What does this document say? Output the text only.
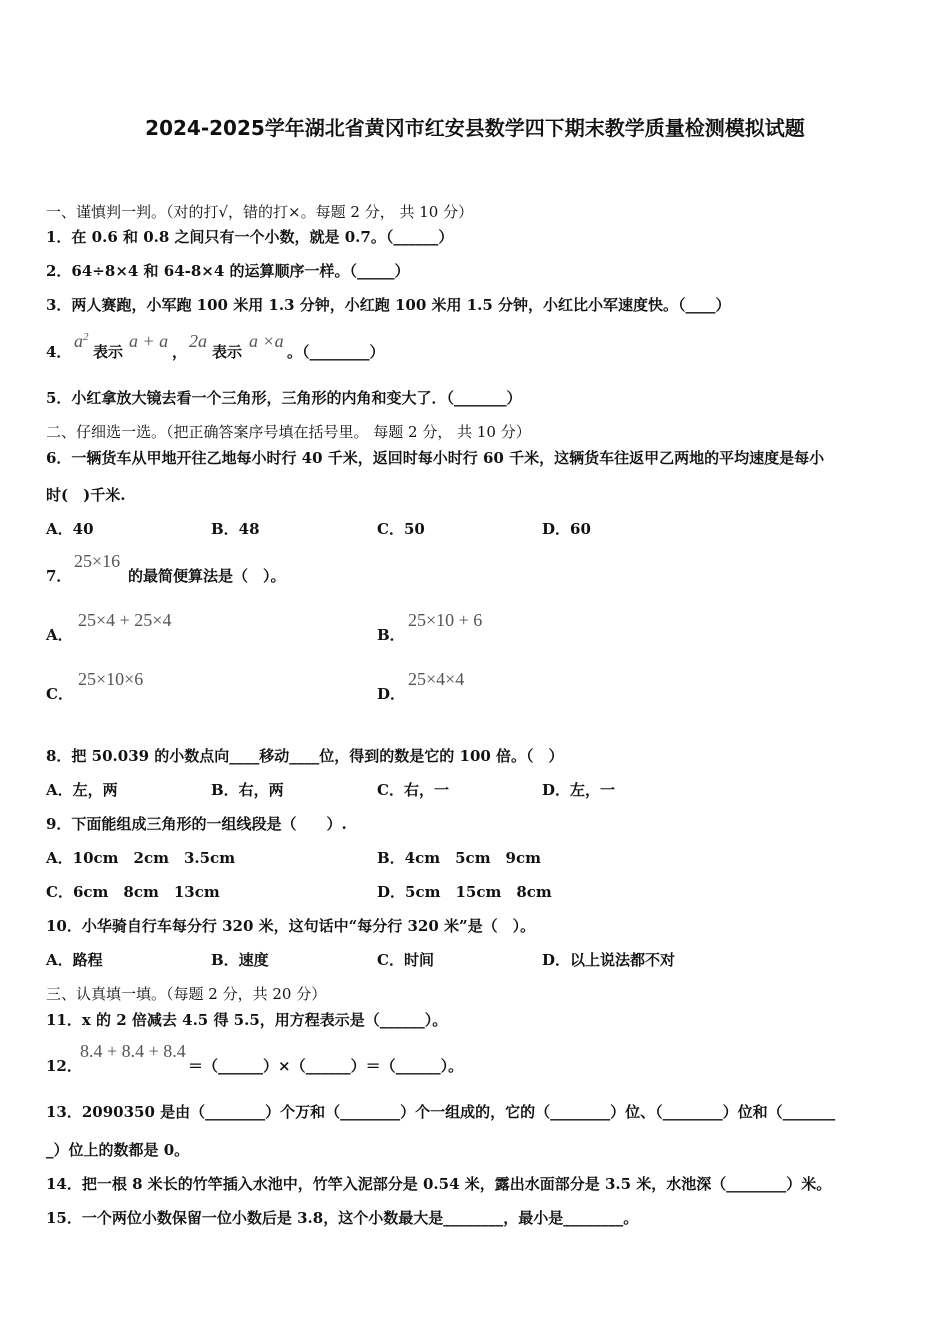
2024-2025学年湖北省黄冈市红安县数学四下期末教学质量检测模拟试题
一、谨慎判一判。（对的打√，错的打×。每题 2 分， 共 10 分）
1．在 0.6 和 0.8 之间只有一个小数，就是 0.7。（______）
2．64÷8×4 和 64-8×4 的运算顺序一样。（_____）
3．两人赛跑，小军跑 100 米用 1.3 分钟，小红跑 100 米用 1.5 分钟，小红比小军速度快。（____）
4．
$a^2$
表示
a + a
，
2a
表示
a ×a
。（________）
5．小红拿放大镜去看一个三角形，三角形的内角和变大了．（_______）
二、仔细选一选。（把正确答案序号填在括号里。 每题 2 分， 共 10 分）
6．一辆货车从甲地开往乙地每小时行 40 千米，返回时每小时行 60 千米，这辆货车往返甲乙两地的平均速度是每小
时(　)千米.
A．40	B．48	C．50	D．60
7．
25×16
的最简便算法是（　）。
A．
25×4 + 25×4
B．
25×10 + 6
C．
25×10×6
D．
25×4×4
8．把 50.039 的小数点向____移动____位，得到的数是它的 100 倍。（　）
A．左，两	B．右，两	C．右，一	D．左，一
9．下面能组成三角形的一组线段是（　　）.
A．10cm　2cm　3.5cm	B．4cm　5cm　9cm
C．6cm　8cm　13cm	D．5cm　15cm　8cm
10．小华骑自行车每分行 320 米，这句话中“每分行 320 米”是（　）。
A．路程	B．速度	C．时间	D．以上说法都不对
三、认真填一填。（每题 2 分，共 20 分）
11．x 的 2 倍减去 4.5 得 5.5，用方程表示是（______）。
12．
8.4 + 8.4 + 8.4
＝（______）×（______）＝（______）。
13．2090350 是由（________）个万和（________）个一组成的，它的（________）位、（________）位和（_______
_）位上的数都是 0。
14．把一根 8 米长的竹竿插入水池中，竹竿入泥部分是 0.54 米，露出水面部分是 3.5 米，水池深（________）米。
15．一个两位小数保留一位小数后是 3.8，这个小数最大是________，最小是________。
